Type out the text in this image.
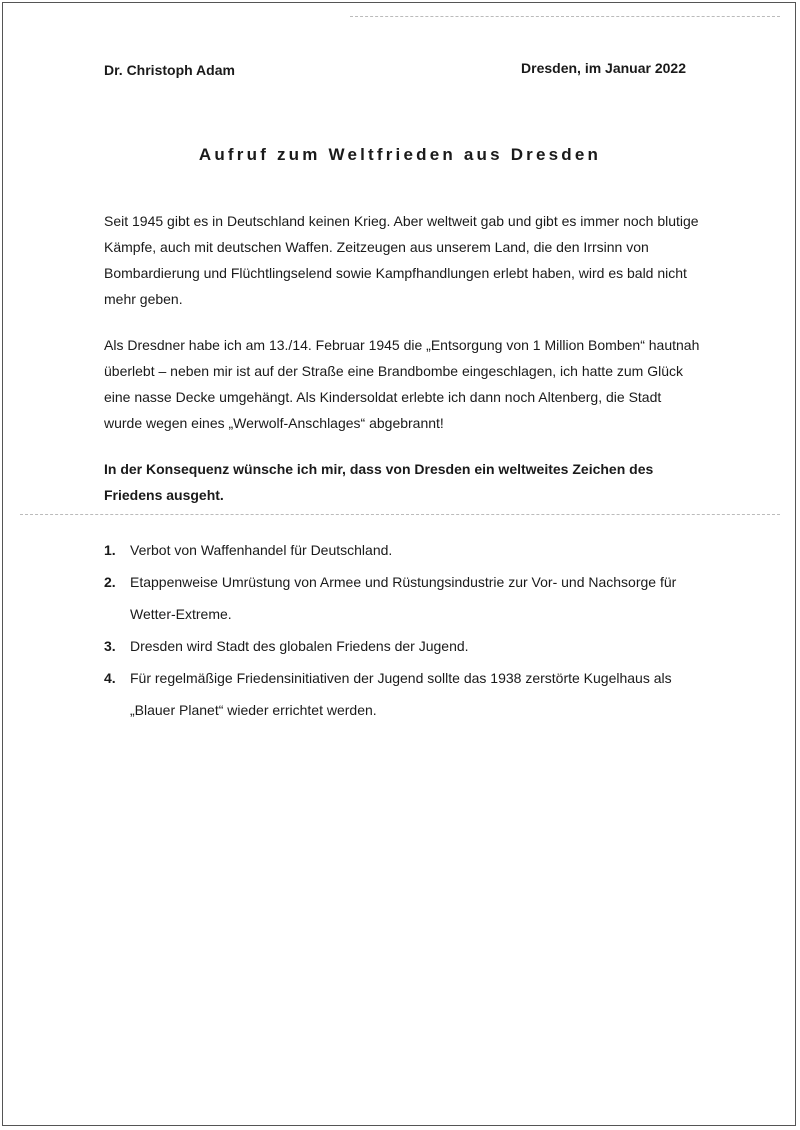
Dr. Christoph Adam	Dresden, im Januar 2022
Aufruf zum Weltfrieden aus Dresden

Seit 1945 gibt es in Deutschland keinen Krieg. Aber weltweit gab und gibt es immer noch blutige Kämpfe, auch mit deutschen Waffen. Zeitzeugen aus unserem Land, die den Irrsinn von Bombardierung und Flüchtlingselend sowie Kampfhandlungen erlebt haben, wird es bald nicht mehr geben.

Als Dresdner habe ich am 13./14. Februar 1945 die „Entsorgung von 1 Million Bomben“ hautnah überlebt – neben mir ist auf der Straße eine Brandbombe eingeschlagen, ich hatte zum Glück eine nasse Decke umgehängt. Als Kindersoldat erlebte ich dann noch Altenberg, die Stadt wurde wegen eines „Werwolf-Anschlages“ abgebrannt!

In der Konsequenz wünsche ich mir, dass von Dresden ein weltweites Zeichen des Friedens ausgeht.

1.	Verbot von Waffenhandel für Deutschland.
2.	Etappenweise Umrüstung von Armee und Rüstungsindustrie zur Vor- und Nachsorge für Wetter-Extreme.
3.	Dresden wird Stadt des globalen Friedens der Jugend.
4.	Für regelmäßige Friedensinitiativen der Jugend sollte das 1938 zerstörte Kugelhaus als „Blauer Planet“ wieder errichtet werden.
